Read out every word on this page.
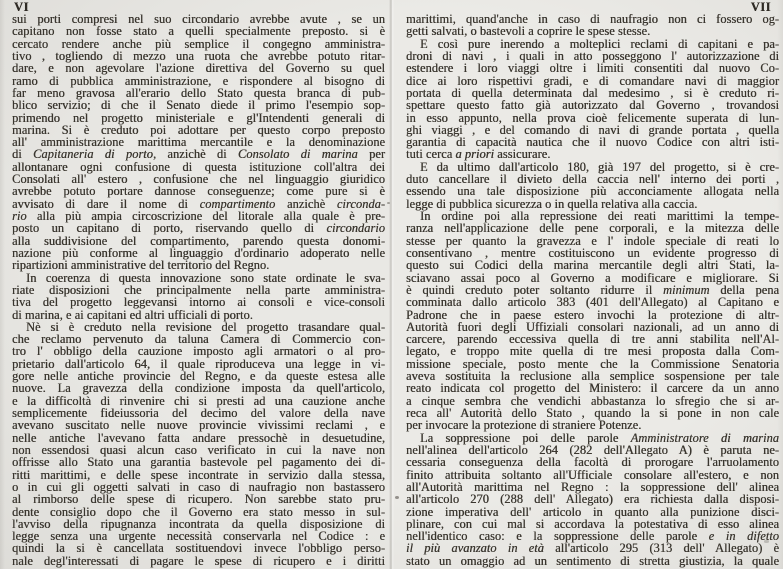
VI
sui porti compresi nel suo circondario avrebbe avute , se un
capitano non fosse stato a quelli specialmente preposto. si è
cercato rendere anche più semplice il congegno amministra-
tivo , togliendo di mezzo una ruota che avrebbe potuto ritar-
dare, e non agevolare l'azione direttiva del Governo su quel
ramo di pubblica amministrazione, e rispondere al bisogno di
far meno gravosa all'erario dello Stato questa branca di pub-
blico servizio; di che il Senato diede il primo l'esempio sop-
primendo nel progetto ministeriale e gl'Intendenti generali di
marina. Si è creduto poi adottare per questo corpo preposto
all' amministrazione marittima mercantile e la denominazione
di Capitaneria di porto, anzichè di Consolato di marina per
allontanare ogni confusione di questa istituzione coll'altra dei
Consolati all' estero , confusione che nel linguaggio giuridico
avrebbe potuto portare dannose conseguenze; come pure si è
avvisato di dare il nome di compartimento anzichè circonda-
rio alla più ampia circoscrizione del litorale alla quale è pre-
posto un capitano di porto, riservando quello di circondario
alla suddivisione del compartimento, parendo questa donomi-
nazione più conforme al linguaggio d'ordinario adoperato nelle
ripartizioni amministrative del territorio del Regno.
In coerenza di questa innovazione sono state ordinate le sva-
riate disposizioni che principalmente nella parte amministra-
tiva del progetto leggevansi intorno ai consoli e vice-consoli
di marina, e ai capitani ed altri ufficiali di porto.
Nè si è creduto nella revisione del progetto trasandare qual-
che reclamo pervenuto da taluna Camera di Commercio con-
tro l' obbligo della cauzione imposto agli armatori o al pro-
prietario dall'articolo 64, il quale riproduceva una legge in vi-
gore nelle antiche provincie del Regno, e da queste estesa alle
nuove. La gravezza della condizione imposta da quell'articolo,
e la difficoltà di rinvenire chi si presti ad una cauzione anche
semplicemente fideiussoria del decimo del valore della nave
avevano suscitato nelle nuove provincie vivissimi reclami , e
nelle antiche l'avevano fatta andare pressochè in desuetudine,
non essendosi quasi alcun caso verificato in cui la nave non
offrisse allo Stato una garantia bastevole pel pagamento dei di-
ritti marittimi, e delle spese incontrate in servizio dalla stessa,
o in cui gli oggetti salvati in caso di naufragio non bastassero
al rimborso delle spese di ricupero. Non sarebbe stato pru-
dente consiglio dopo che il Governo era stato messo in sul-
l'avviso della ripugnanza incontrata da quella disposizione di
legge senza una urgente necessità conservarla nel Codice : e
quindi la si è cancellata sostituendovi invece l'obbligo perso-
nale degl'interessati di pagare le spese di ricupero e i diritti
VII
marittimi, quand'anche in caso di naufragio non ci fossero og-
getti salvati, o bastevoli a coprire le spese stesse.
E così pure inerendo a molteplici reclami di capitani e pa-
droni di navi , i quali in atto posseggono l' autorizzazione di
estendere i loro viaggi oltre i limiti consentiti dal nuovo Co-
dice ai loro rispettivi gradi, e di comandare navi di maggior
portata di quella determinata dal medesimo , si è creduto ri-
spettare questo fatto già autorizzato dal Governo , trovandosi
in esso appunto, nella prova cioè felicemente superata di lun-
ghi viaggi , e del comando di navi di grande portata , quella
garantia di capacità nautica che il nuovo Codice con altri isti-
tuti cerca a priori assicurare.
E da ultimo dall'articolo 180, già 197 del progetto, si è cre-
duto cancellare il divieto della caccia nell' interno dei porti ,
essendo una tale disposizione più acconciamente allogata nella
legge di pubblica sicurezza o in quella relativa alla caccia.
In ordine poi alla repressione dei reati marittimi la tempe-
ranza nell'applicazione delle pene corporali, e la mitezza delle
stesse per quanto la gravezza e l' indole speciale di reati lo
consentivano , mentre costituiscono un evidente progresso di
questo sui Codici della marina mercantile degli altri Stati, la-
sciavano assai poco al Governo a modificare e migliorare. Si
è quindi creduto poter soltanto ridurre il minimum della pena
comminata dallo articolo 383 (401 dell'Allegato) al Capitano e
Padrone che in paese estero invochi la protezione di altr-
Autorità fuori degli Uffiziali consolari nazionali, ad un anno di
carcere, parendo eccessiva quella di tre anni stabilita nell'Al-
legato, e troppo mite quella di tre mesi proposta dalla Com-
missione speciale, posto mente che la Commissione Senatoria
aveva sostituita la reclusione alla semplice sospensione per tale
reato indicata col progetto del Ministero: il carcere da un anno
a cinque sembra che vendichi abbastanza lo sfregio che si ar-
reca all' Autorità dello Stato , quando la si pone in non cale
per invocare la protezione di straniere Potenze.
La soppressione poi delle parole Amministratore di marina
nell'alinea dell'articolo 264 (282 dell'Allegato A) è paruta ne-
cessaria conseguenza della facoltà di prorogare l'arruolamento
finito attribuita soltanto all'Ufficiale consolare all'estero, e non
all'Autorità marittima nel Regno : la soppressione dell' alinea
all'articolo 270 (288 dell' Allegato) era richiesta dalla disposi-
zione imperativa dell' articolo in quanto alla punizione disci-
plinare, con cui mal si accordava la potestativa di esso alinea
nell'identico caso: e la soppressione delle parole e in difetto
il più avanzato in età all'articolo 295 (313 dell' Allegato) è
stato un omaggio ad un sentimento di stretta giustizia, la quale
